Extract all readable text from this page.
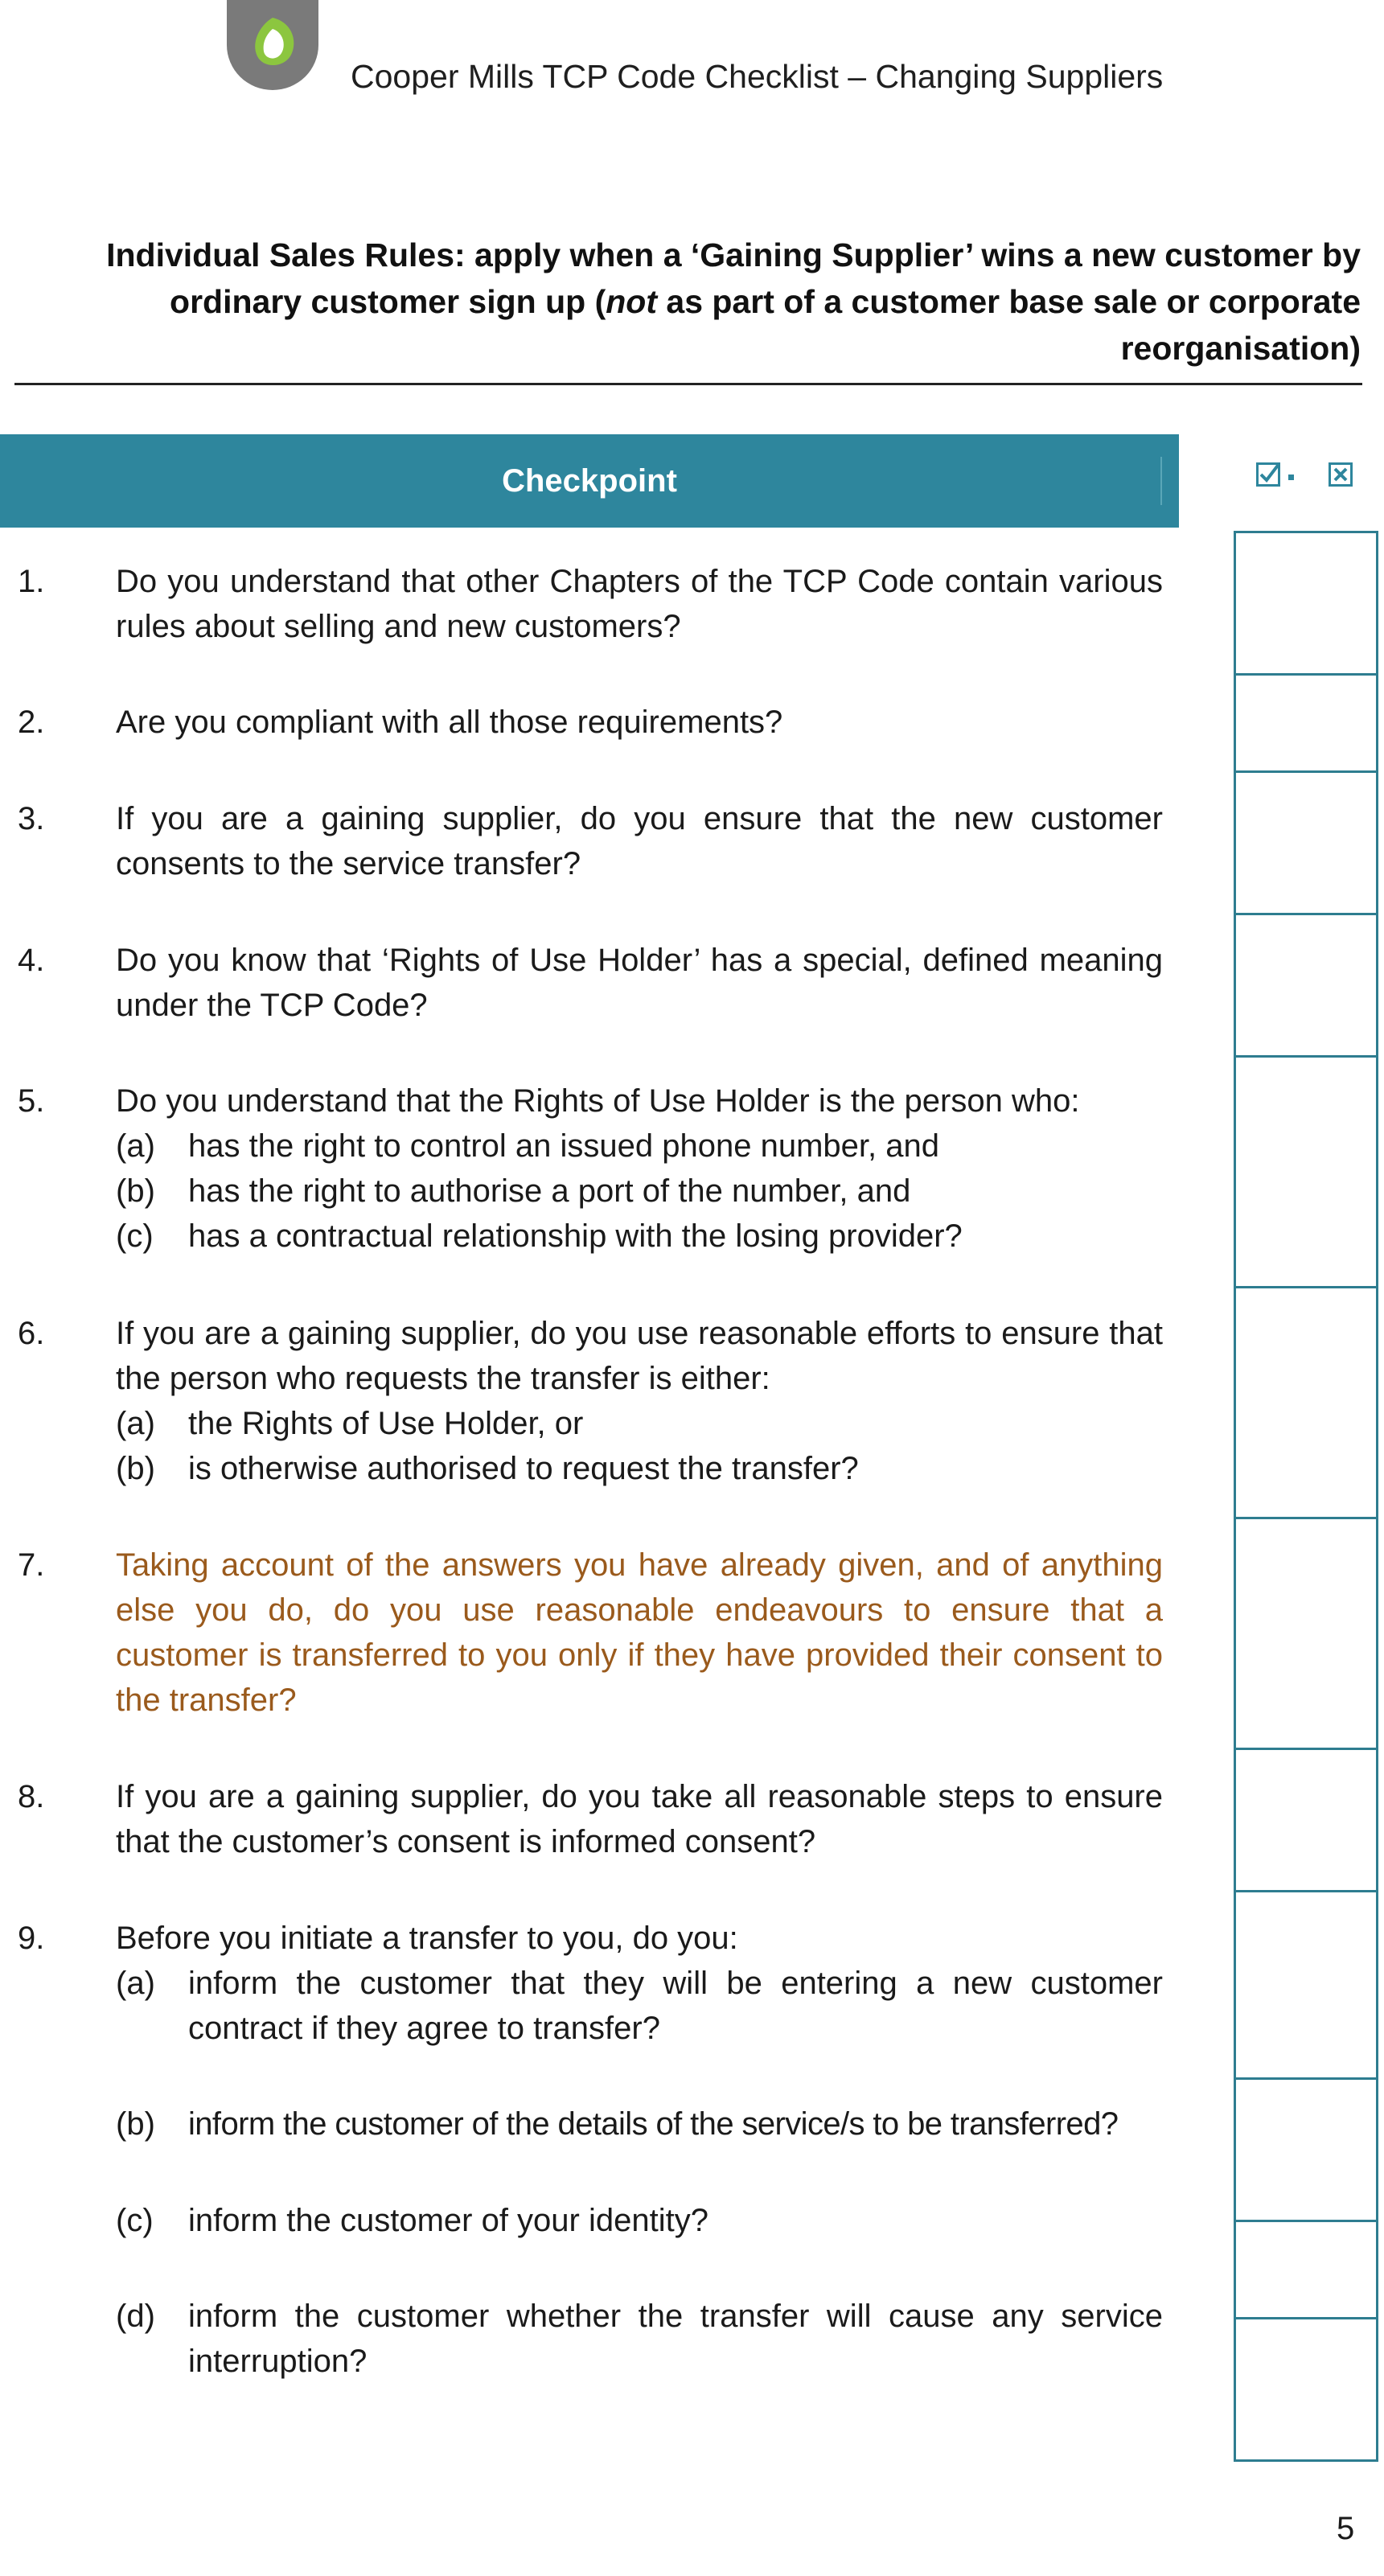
Cooper Mills TCP Code Checklist – Changing Suppliers
Individual Sales Rules: apply when a ‘Gaining Supplier’ wins a new customer by ordinary customer sign up (not as part of a customer base sale or corporate reorganisation)
Checkpoint
1. Do you understand that other Chapters of the TCP Code contain various rules about selling and new customers?
2. Are you compliant with all those requirements?
3. If you are a gaining supplier, do you ensure that the new customer consents to the service transfer?
4. Do you know that ‘Rights of Use Holder’ has a special, defined meaning under the TCP Code?
5. Do you understand that the Rights of Use Holder is the person who:
(a) has the right to control an issued phone number, and
(b) has the right to authorise a port of the number, and
(c) has a contractual relationship with the losing provider?
6. If you are a gaining supplier, do you use reasonable efforts to ensure that the person who requests the transfer is either:
(a) the Rights of Use Holder, or
(b) is otherwise authorised to request the transfer?
7. Taking account of the answers you have already given, and of anything else you do, do you use reasonable endeavours to ensure that a customer is transferred to you only if they have provided their consent to the transfer?
8. If you are a gaining supplier, do you take all reasonable steps to ensure that the customer’s consent is informed consent?
9. Before you initiate a transfer to you, do you:
(a) inform the customer that they will be entering a new customer contract if they agree to transfer?
(b) inform the customer of the details of the service/s to be transferred?
(c) inform the customer of your identity?
(d) inform the customer whether the transfer will cause any service interruption?
5
